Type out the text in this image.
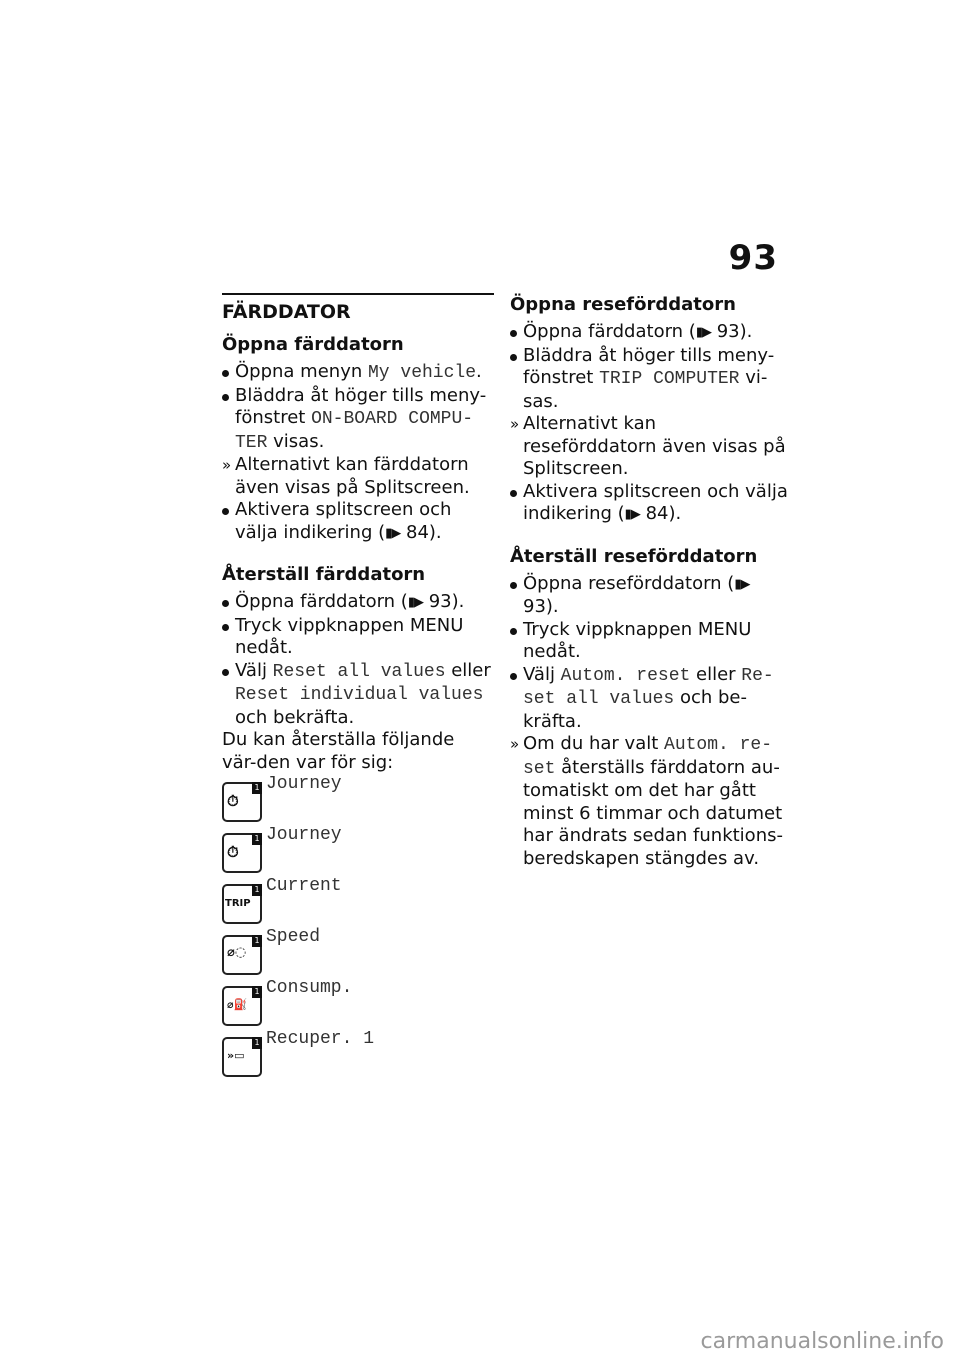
93
FÄRDDATOR
Öppna färddatorn

Öppna menyn My vehicle.

Bläddra åt höger tills meny-fönstret ON-BOARD COMPU-TER visas.

» Alternativt kan färddatorn även visas på Splitscreen.

Aktivera splitscreen och välja indikering (▮▶ 84).

Återställ färddatorn

Öppna färddatorn (▮▶ 93).

Tryck vippknappen MENU nedåt.

Välj Reset all values eller Reset individual values och bekräfta.

Du kan återställa följande vär-den var för sig:

⏱
1 Journey
⏱
1 Journey
TRIP
1 Current
⌀◌
1 Speed
⌀⛽
1 Consump.
»▭
1 Recuper. 1
Öppna reseförddatorn

Öppna färddatorn (▮▶ 93).

Bläddra åt höger tills meny-fönstret TRIP COMPUTER vi-sas.

» Alternativt kan reseförddatorn även visas på Splitscreen.

Aktivera splitscreen och välja indikering (▮▶ 84).

Återställ reseförddatorn

Öppna reseförddatorn (▮▶ 93).

Tryck vippknappen MENU nedåt.

Välj Autom. reset eller Re-set all values och be-kräfta.

» Om du har valt Autom. re-set återställs färddatorn au-tomatiskt om det har gått minst 6 timmar och datumet har ändrats sedan funktions-beredskapen stängdes av.

carmanualsonline.info
